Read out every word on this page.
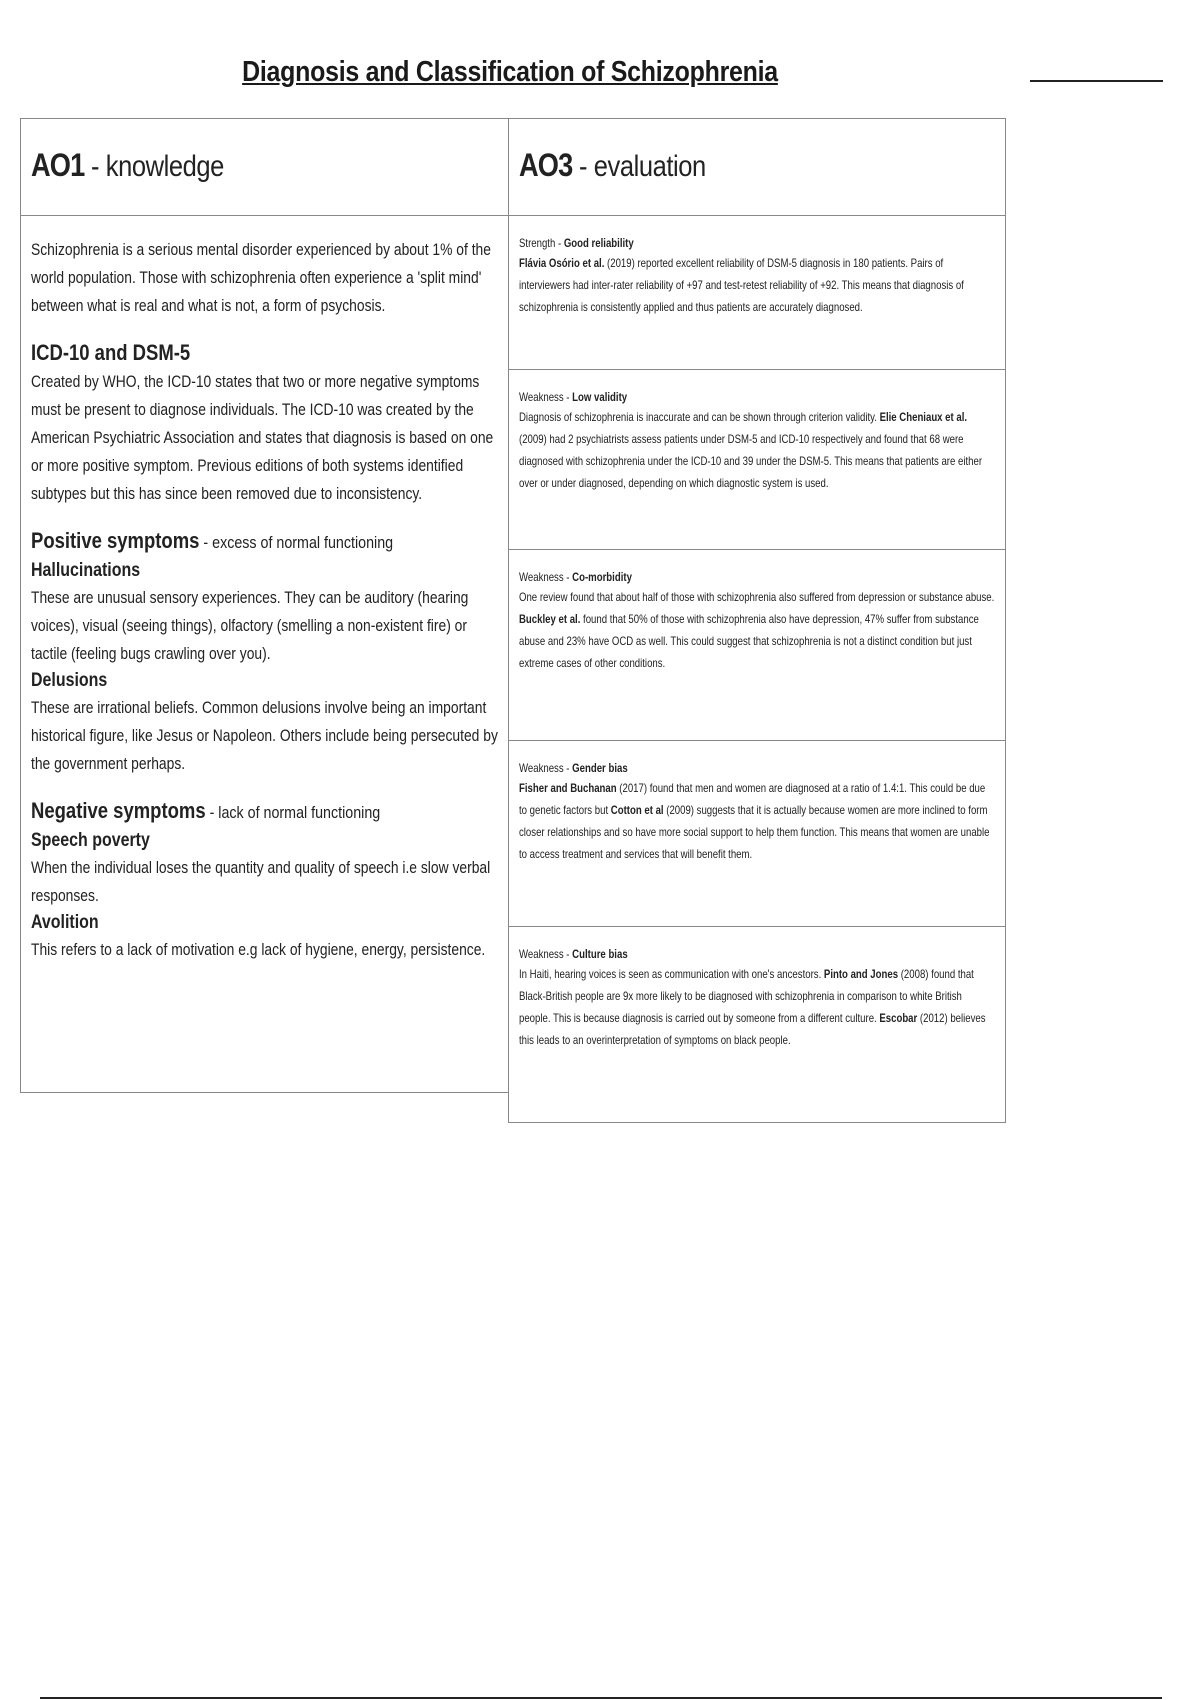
Diagnosis and Classification of Schizophrenia
AO1 - knowledge	AO3 - evaluation

Schizophrenia is a serious mental disorder experienced by about 1% of the world population. Those with schizophrenia often experience a 'split mind' between what is real and what is not, a form of psychosis.

ICD-10 and DSM-5

Created by WHO, the ICD-10 states that two or more negative symptoms must be present to diagnose individuals. The ICD-10 was created by the American Psychiatric Association and states that diagnosis is based on one or more positive symptom. Previous editions of both systems identified subtypes but this has since been removed due to inconsistency.

Positive symptoms - excess of normal functioning

Hallucinations

These are unusual sensory experiences. They can be auditory (hearing voices), visual (seeing things), olfactory (smelling a non-existent fire) or tactile (feeling bugs crawling over you).

Delusions

These are irrational beliefs. Common delusions involve being an important historical figure, like Jesus or Napoleon. Others include being persecuted by the government perhaps.

Negative symptoms - lack of normal functioning

Speech poverty

When the individual loses the quantity and quality of speech i.e slow verbal responses.

Avolition

This refers to a lack of motivation e.g lack of hygiene, energy, persistence.

Strength - Good reliability

Flávia Osório et al. (2019) reported excellent reliability of DSM-5 diagnosis in 180 patients. Pairs of interviewers had inter-rater reliability of +97 and test-retest reliability of +92. This means that diagnosis of schizophrenia is consistently applied and thus patients are accurately diagnosed.

Weakness - Low validity

Diagnosis of schizophrenia is inaccurate and can be shown through criterion validity. Elie Cheniaux et al. (2009) had 2 psychiatrists assess patients under DSM-5 and ICD-10 respectively and found that 68 were diagnosed with schizophrenia under the ICD-10 and 39 under the DSM-5. This means that patients are either over or under diagnosed, depending on which diagnostic system is used.

Weakness - Co-morbidity

One review found that about half of those with schizophrenia also suffered from depression or substance abuse. Buckley et al. found that 50% of those with schizophrenia also have depression, 47% suffer from substance abuse and 23% have OCD as well. This could suggest that schizophrenia is not a distinct condition but just extreme cases of other conditions.

Weakness - Gender bias

Fisher and Buchanan (2017) found that men and women are diagnosed at a ratio of 1.4:1. This could be due to genetic factors but Cotton et al (2009) suggests that it is actually because women are more inclined to form closer relationships and so have more social support to help them function. This means that women are unable to access treatment and services that will benefit them.

Weakness - Culture bias

In Haiti, hearing voices is seen as communication with one's ancestors. Pinto and Jones (2008) found that Black-British people are 9x more likely to be diagnosed with schizophrenia in comparison to white British people. This is because diagnosis is carried out by someone from a different culture. Escobar (2012) believes this leads to an overinterpretation of symptoms on black people.
